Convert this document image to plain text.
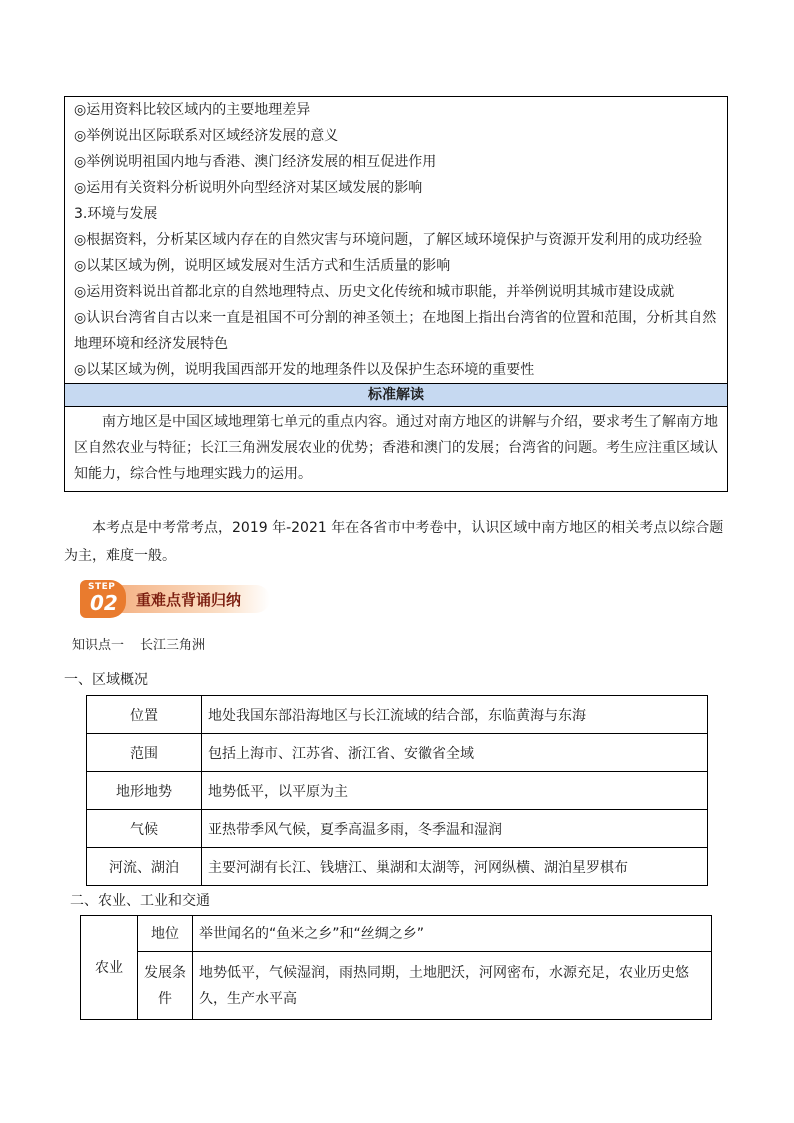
◎运用资料比较区域内的主要地理差异
◎举例说出区际联系对区域经济发展的意义
◎举例说明祖国内地与香港、澳门经济发展的相互促进作用
◎运用有关资料分析说明外向型经济对某区域发展的影响
3.环境与发展
◎根据资料，分析某区域内存在的自然灾害与环境问题，了解区域环境保护与资源开发利用的成功经验
◎以某区域为例，说明区域发展对生活方式和生活质量的影响
◎运用资料说出首都北京的自然地理特点、历史文化传统和城市职能，并举例说明其城市建设成就
◎认识台湾省自古以来一直是祖国不可分割的神圣领土；在地图上指出台湾省的位置和范围，分析其自然地理环境和经济发展特色
◎以某区域为例，说明我国西部开发的地理条件以及保护生态环境的重要性
标准解读
南方地区是中国区域地理第七单元的重点内容。通过对南方地区的讲解与介绍，要求考生了解南方地区自然农业与特征；长江三角洲发展农业的优势；香港和澳门的发展；台湾省的问题。考生应注重区域认知能力，综合性与地理实践力的运用。
本考点是中考常考点，2019 年-2021 年在各省市中考卷中，认识区域中南方地区的相关考点以综合题为主，难度一般。
重难点背诵归纳
STEP
02
知识点一 长江三角洲
一、区域概况
位置	地处我国东部沿海地区与长江流域的结合部，东临黄海与东海
范围	包括上海市、江苏省、浙江省、安徽省全域
地形地势	地势低平，以平原为主
气候	亚热带季风气候，夏季高温多雨，冬季温和湿润
河流、湖泊	主要河湖有长江、钱塘江、巢湖和太湖等，河网纵横、湖泊星罗棋布
二、农业、工业和交通
农业	地位	举世闻名的“鱼米之乡”和“丝绸之乡”
	发展条件	地势低平，气候湿润，雨热同期，土地肥沃，河网密布，水源充足，农业历史悠久，生产水平高
